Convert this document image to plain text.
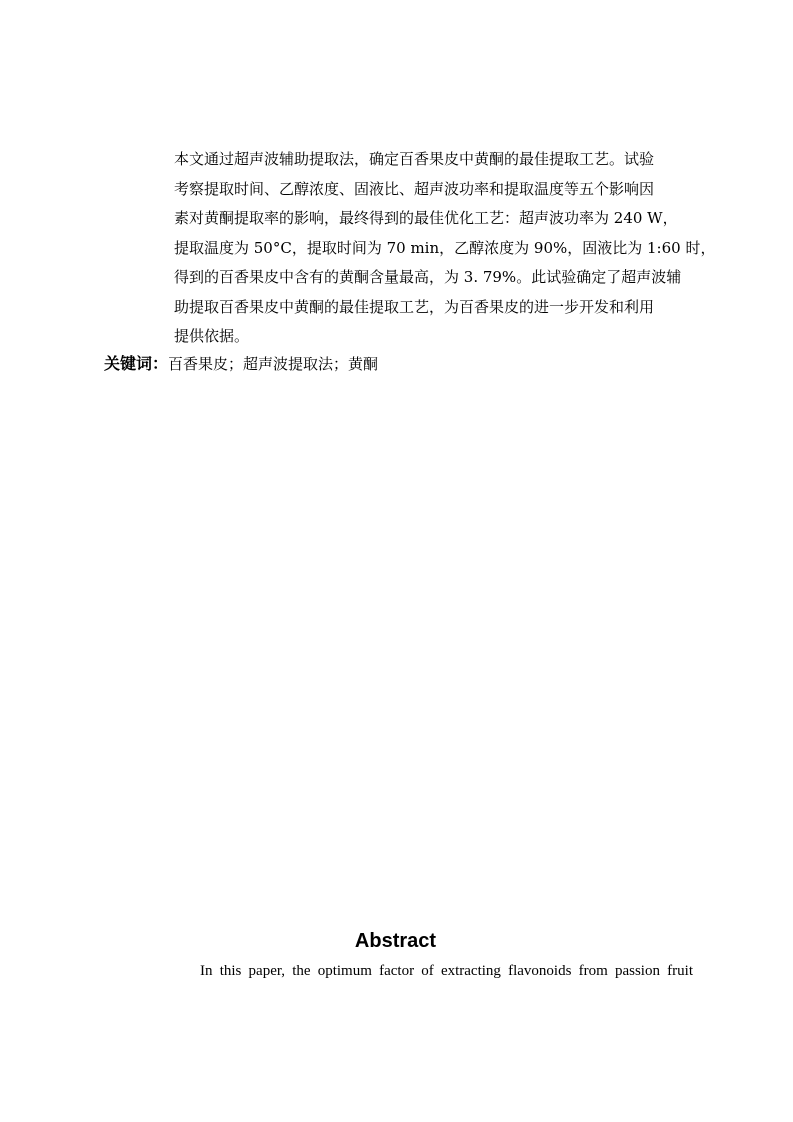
本文通过超声波辅助提取法，确定百香果皮中黄酮的最佳提取工艺。试验
考察提取时间、乙醇浓度、固液比、超声波功率和提取温度等五个影响因
素对黄酮提取率的影响，最终得到的最佳优化工艺：超声波功率为 240 W，
提取温度为 50°C，提取时间为 70 min，乙醇浓度为 90%，固液比为 1:60 时，
得到的百香果皮中含有的黄酮含量最高，为 3. 79%。此试验确定了超声波辅
助提取百香果皮中黄酮的最佳提取工艺，为百香果皮的进一步开发和利用
提供依据。
关键词：百香果皮；超声波提取法；黄酮
Abstract
In this paper, the optimum factor of extracting flavonoids from passion fruit
